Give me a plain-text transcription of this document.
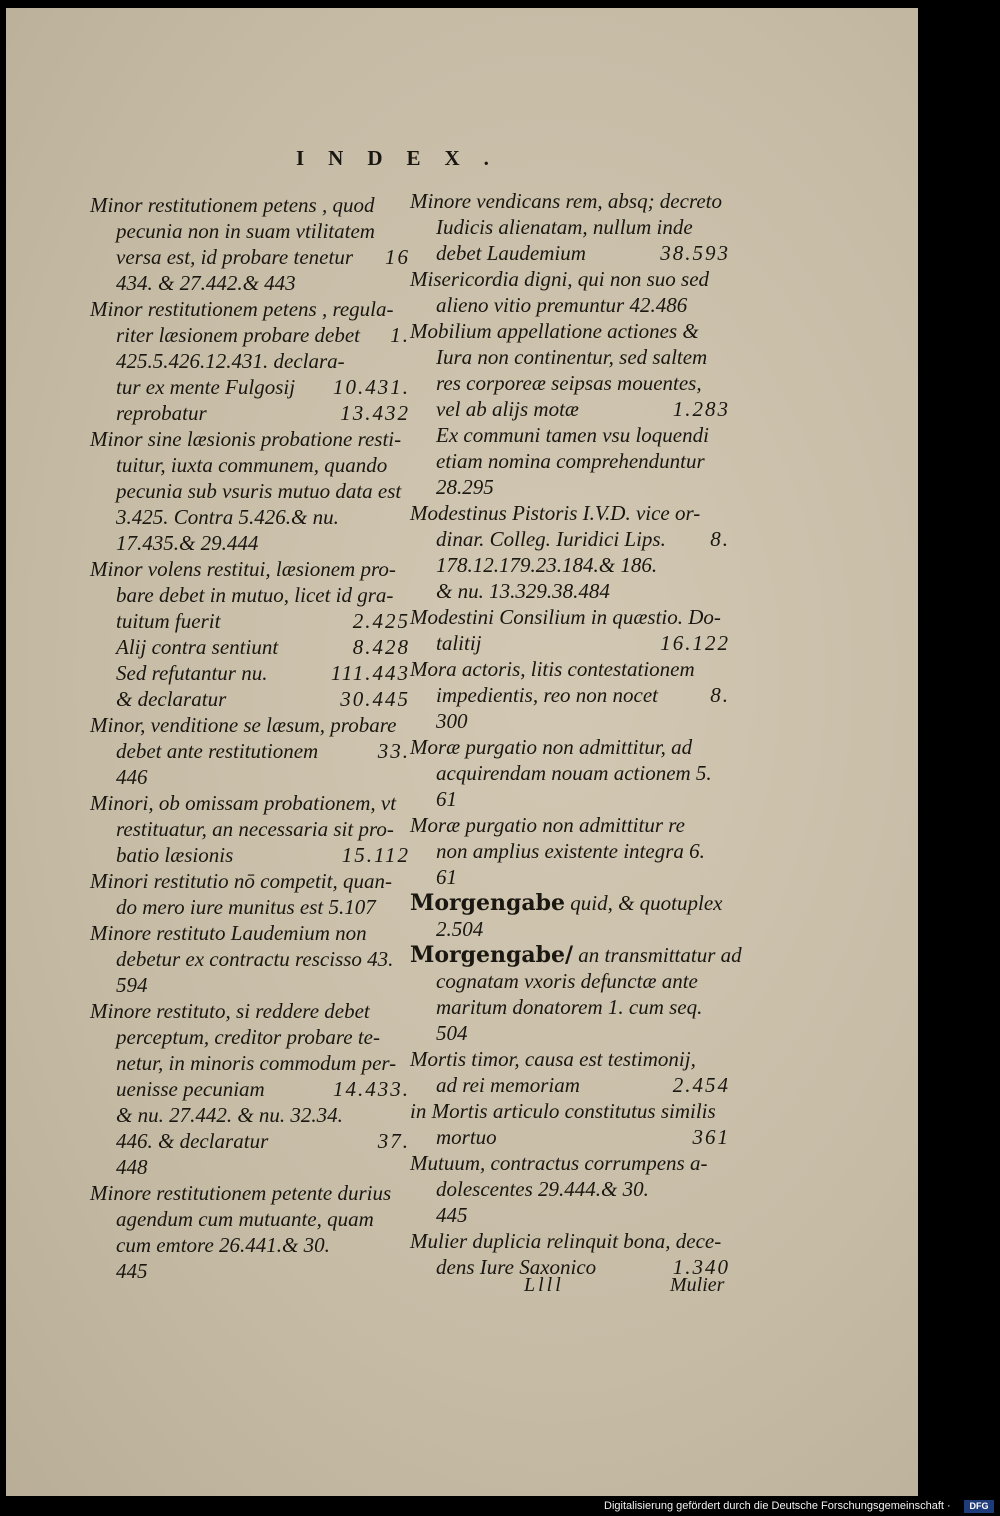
INDEX.
Minor restitutionem petens , quod
pecunia non in suam vtilitatem
versa est, id probare tenetur 16
434. & 27.442.& 443
Minor restitutionem petens , regula-
riter læsionem probare debet 1.
425.5.426.12.431. declara-
tur ex mente Fulgosij 10.431.
reprobatur	13.432
Minor sine læsionis probatione resti-
tuitur, iuxta communem, quando
pecunia sub vsuris mutuo data est
3.425. Contra 5.426.& nu.
17.435.& 29.444
Minor volens restitui, læsionem pro-
bare debet in mutuo, licet id gra-
tuitum fuerit	2.425
Alij contra sentiunt	8.428
Sed refutantur nu.	111.443
& declaratur	30.445
Minor, venditione se læsum, probare
debet ante restitutionem	33.
446
Minori, ob omissam probationem, vt
restituatur, an necessaria sit pro-
batio læsionis	15.112
Minori restitutio nō competit, quan-
do mero iure munitus est 5.107
Minore restituto Laudemium non
debetur ex contractu rescisso 43.
594
Minore restituto, si reddere debet
perceptum, creditor probare te-
netur, in minoris commodum per-
uenisse pecuniam	14.433.
& nu. 27.442. & nu. 32.34.
446. & declaratur	37.
448
Minore restitutionem petente durius
agendum cum mutuante, quam
cum emtore 26.441.& 30.
445
Minore vendicans rem, absq; decreto
Iudicis alienatam, nullum inde
debet Laudemium	38.593
Misericordia digni, qui non suo sed
alieno vitio premuntur 42.486
Mobilium appellatione actiones &
Iura non continentur, sed saltem
res corporeæ seipsas mouentes,
vel ab alijs motæ	1.283
Ex communi tamen vsu loquendi
etiam nomina comprehenduntur
28.295
Modestinus Pistoris I.V.D. vice or-
dinar. Colleg. Iuridici Lips. 8.
178.12.179.23.184.& 186.
& nu. 13.329.38.484
Modestini Consilium in quæstio. Do-
talitij	16.122
Mora actoris, litis contestationem
impedientis, reo non nocet 8.
300
Moræ purgatio non admittitur, ad
acquirendam nouam actionem 5.
61
Moræ purgatio non admittitur re
non amplius existente integra 6.
61
Morgengabe quid, & quotuplex
2.504
Morgengabe/ an transmittatur ad
cognatam vxoris defunctæ ante
maritum donatorem 1. cum seq.
504
Mortis timor, causa est testimonij,
ad rei memoriam	2.454
in Mortis articulo constitutus similis
mortuo	361
Mutuum, contractus corrumpens a-
dolescentes 29.444.& 30.
445
Mulier duplicia relinquit bona, dece-
dens Iure Saxonico	1.340
Llll	Mulier
Digitalisierung gefördert durch die Deutsche Forschungsgemeinschaft ·	DFG
